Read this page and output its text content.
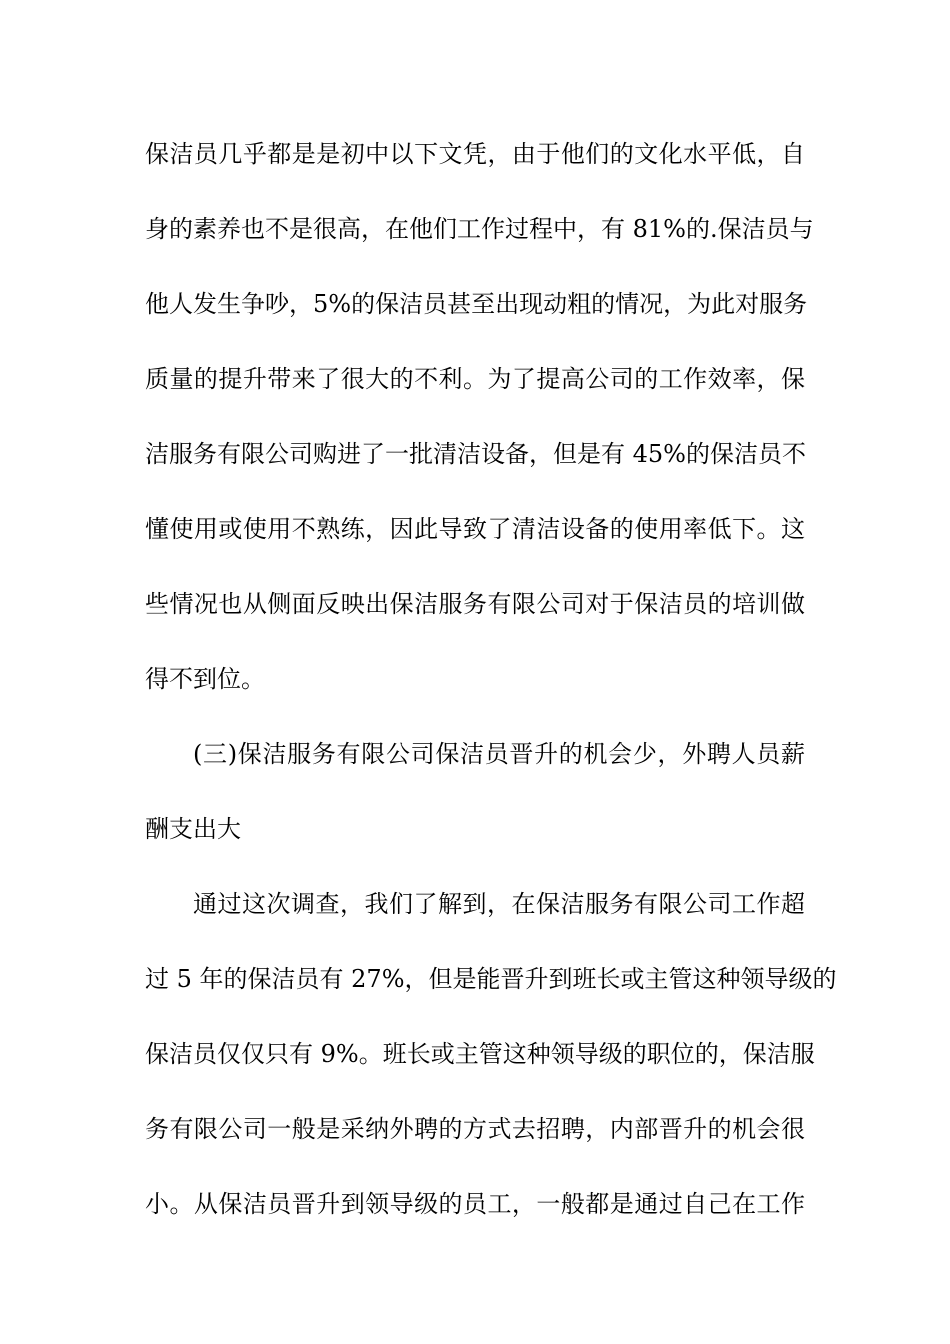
保洁员几乎都是是初中以下文凭，由于他们的文化水平低，自
身的素养也不是很高，在他们工作过程中，有 81%的.保洁员与
他人发生争吵，5%的保洁员甚至出现动粗的情况，为此对服务
质量的提升带来了很大的不利。为了提高公司的工作效率，保
洁服务有限公司购进了一批清洁设备，但是有 45%的保洁员不
懂使用或使用不熟练，因此导致了清洁设备的使用率低下。这
些情况也从侧面反映出保洁服务有限公司对于保洁员的培训做
得不到位。
(三)保洁服务有限公司保洁员晋升的机会少，外聘人员薪
酬支出大
通过这次调查，我们了解到，在保洁服务有限公司工作超
过 5 年的保洁员有 27%，但是能晋升到班长或主管这种领导级的
保洁员仅仅只有 9%。班长或主管这种领导级的职位的，保洁服
务有限公司一般是采纳外聘的方式去招聘，内部晋升的机会很
小。从保洁员晋升到领导级的员工，一般都是通过自己在工作
